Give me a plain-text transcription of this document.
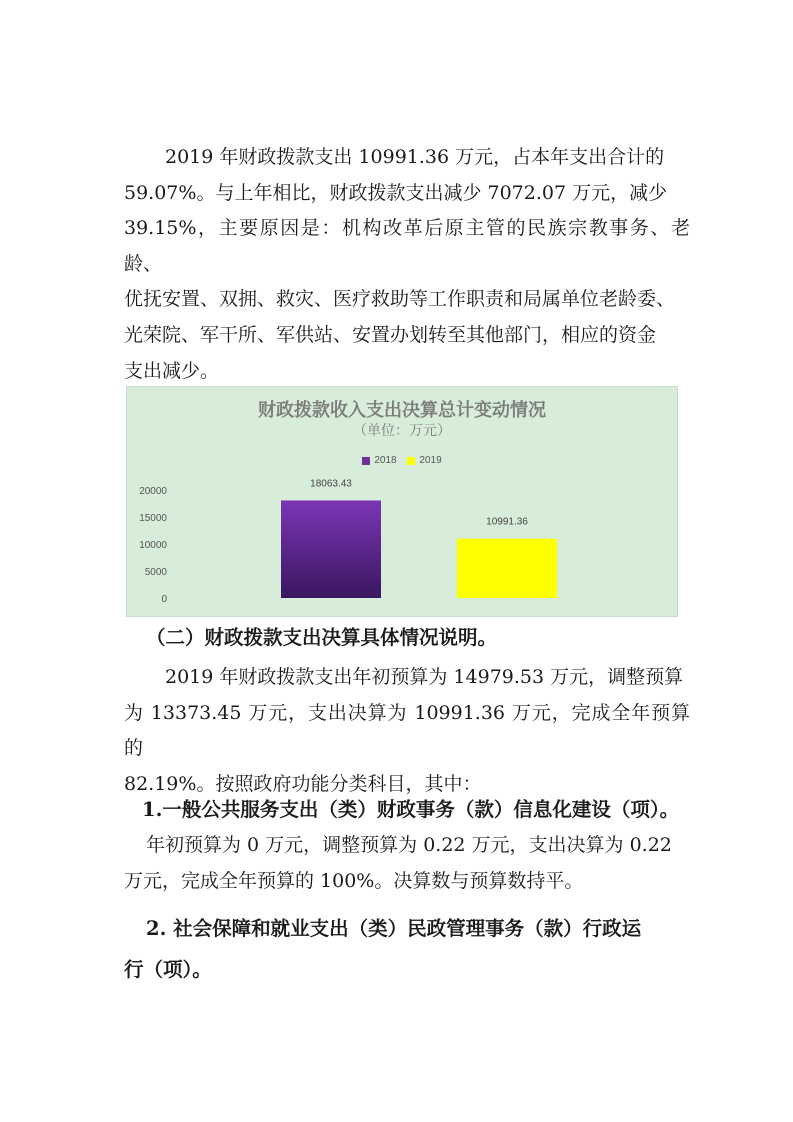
2019 年财政拨款支出 10991.36 万元，占本年支出合计的
59.07%。与上年相比，财政拨款支出减少 7072.07 万元，减少
39.15%，主要原因是：机构改革后原主管的民族宗教事务、老龄、
优抚安置、双拥、救灾、医疗救助等工作职责和局属单位老龄委、
光荣院、军干所、军供站、安置办划转至其他部门，相应的资金
支出减少。

财政拨款收入支出决算总计变动情况
（单位：万元）
2018
2019
0
5000
10000
15000
20000
18063.43
10991.36
（二）财政拨款支出决算具体情况说明。

2019 年财政拨款支出年初预算为 14979.53 万元，调整预算
为 13373.45 万元，支出决算为 10991.36 万元，完成全年预算的
82.19%。按照政府功能分类科目，其中：

1.一般公共服务支出（类）财政事务（款）信息化建设（项）。

年初预算为 0 万元，调整预算为 0.22 万元，支出决算为 0.22
万元，完成全年预算的 100%。决算数与预算数持平。

2. 社会保障和就业支出（类）民政管理事务（款）行政运
行（项）。
